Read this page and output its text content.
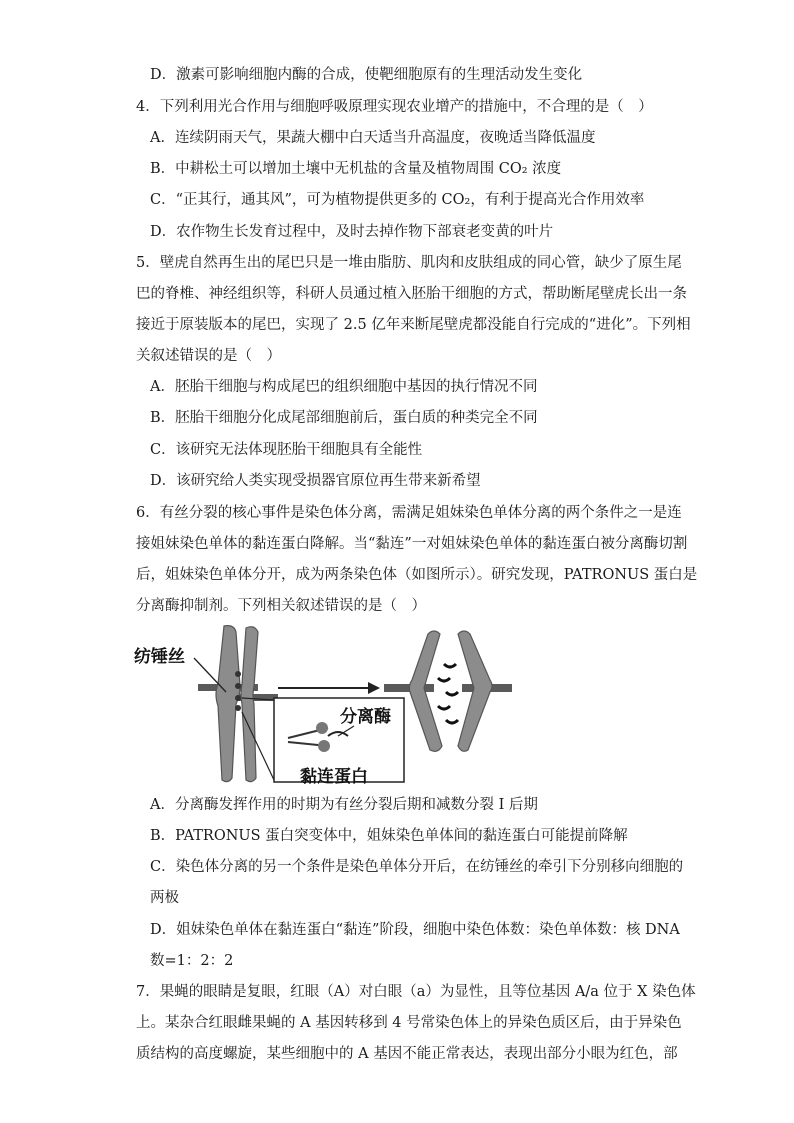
D．激素可影响细胞内酶的合成，使靶细胞原有的生理活动发生变化
4．下列利用光合作用与细胞呼吸原理实现农业增产的措施中，不合理的是（　）
A．连续阴雨天气，果蔬大棚中白天适当升高温度，夜晚适当降低温度
B．中耕松土可以增加土壤中无机盐的含量及植物周围 CO₂ 浓度
C．“正其行，通其风”，可为植物提供更多的 CO₂，有利于提高光合作用效率
D．农作物生长发育过程中，及时去掉作物下部衰老变黄的叶片
5．壁虎自然再生出的尾巴只是一堆由脂肪、肌肉和皮肤组成的同心管，缺少了原生尾
巴的脊椎、神经组织等，科研人员通过植入胚胎干细胞的方式，帮助断尾壁虎长出一条
接近于原装版本的尾巴，实现了 2.5 亿年来断尾壁虎都没能自行完成的“进化”。下列相
关叙述错误的是（　）
A．胚胎干细胞与构成尾巴的组织细胞中基因的执行情况不同
B．胚胎干细胞分化成尾部细胞前后，蛋白质的种类完全不同
C．该研究无法体现胚胎干细胞具有全能性
D．该研究给人类实现受损器官原位再生带来新希望
6．有丝分裂的核心事件是染色体分离，需满足姐妹染色单体分离的两个条件之一是连
接姐妹染色单体的黏连蛋白降解。当“黏连”一对姐妹染色单体的黏连蛋白被分离酶切割
后，姐妹染色单体分开，成为两条染色体（如图所示）。研究发现，PATRONUS 蛋白是
分离酶抑制剂。下列相关叙述错误的是（　）
纺锤丝
分离酶
黏连蛋白
A．分离酶发挥作用的时期为有丝分裂后期和减数分裂 I 后期
B．PATRONUS 蛋白突变体中，姐妹染色单体间的黏连蛋白可能提前降解
C．染色体分离的另一个条件是染色单体分开后，在纺锤丝的牵引下分别移向细胞的
两极
D．姐妹染色单体在黏连蛋白“黏连”阶段，细胞中染色体数：染色单体数：核 DNA
数=1：2：2
7．果蝇的眼睛是复眼，红眼（A）对白眼（a）为显性，且等位基因 A/a 位于 X 染色体
上。某杂合红眼雌果蝇的 A 基因转移到 4 号常染色体上的异染色质区后，由于异染色
质结构的高度螺旋，某些细胞中的 A 基因不能正常表达，表现出部分小眼为红色，部
